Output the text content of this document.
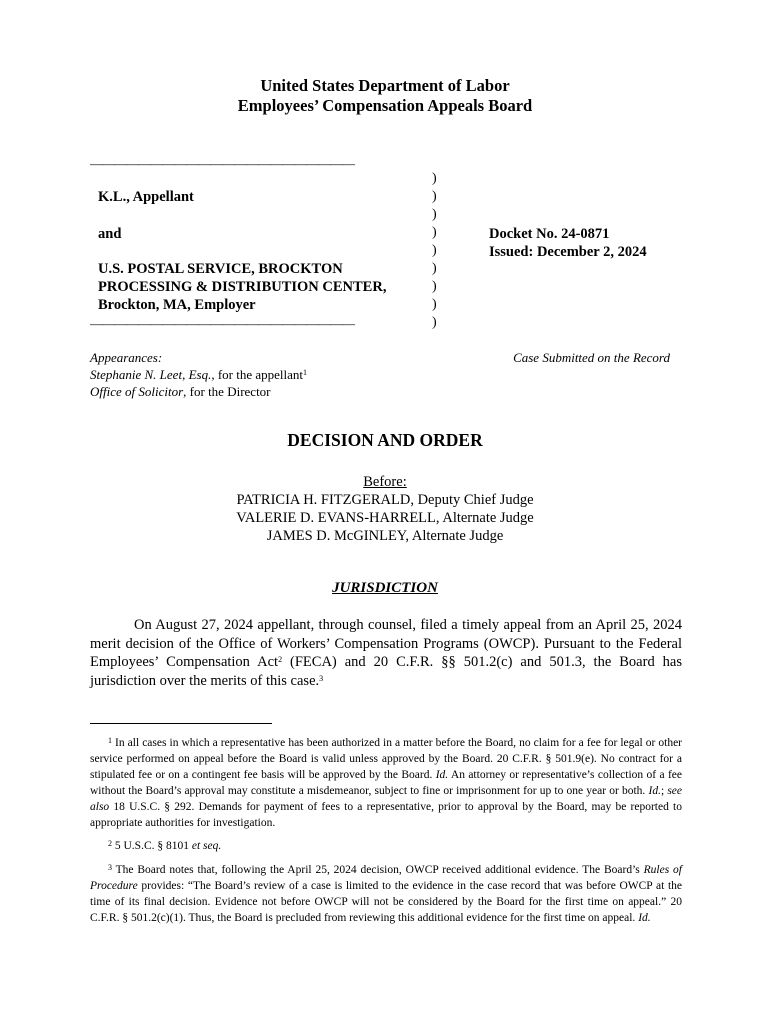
United States Department of Labor
Employees’ Compensation Appeals Board
——————————————————————
K.L., Appellant
and
U.S. POSTAL SERVICE, BROCKTON
PROCESSING & DISTRIBUTION CENTER,
Brockton, MA, Employer
——————————————————————
)
)
)
)
)
)
)
)
)
Docket No. 24-0871
Issued: December 2, 2024
Appearances:
Stephanie N. Leet, Esq., for the appellant$^1$
Office of Solicitor, for the Director
Case Submitted on the Record
DECISION AND ORDER
Before:
PATRICIA H. FITZGERALD, Deputy Chief Judge
VALERIE D. EVANS-HARRELL, Alternate Judge
JAMES D. McGINLEY, Alternate Judge
JURISDICTION
On August 27, 2024 appellant, through counsel, filed a timely appeal from an April 25, 2024 merit decision of the Office of Workers’ Compensation Programs (OWCP). Pursuant to the Federal Employees’ Compensation Act$^2$ (FECA) and 20 C.F.R. §§ 501.2(c) and 501.3, the Board has jurisdiction over the merits of this case.$^3$
$^1$ In all cases in which a representative has been authorized in a matter before the Board, no claim for a fee for legal or other service performed on appeal before the Board is valid unless approved by the Board. 20 C.F.R. § 501.9(e). No contract for a stipulated fee or on a contingent fee basis will be approved by the Board. Id. An attorney or representative’s collection of a fee without the Board’s approval may constitute a misdemeanor, subject to fine or imprisonment for up to one year or both. Id.; see also 18 U.S.C. § 292. Demands for payment of fees to a representative, prior to approval by the Board, may be reported to appropriate authorities for investigation.
$^2$ 5 U.S.C. § 8101 et seq.
$^3$ The Board notes that, following the April 25, 2024 decision, OWCP received additional evidence. The Board’s Rules of Procedure provides: “The Board’s review of a case is limited to the evidence in the case record that was before OWCP at the time of its final decision. Evidence not before OWCP will not be considered by the Board for the first time on appeal.” 20 C.F.R. § 501.2(c)(1). Thus, the Board is precluded from reviewing this additional evidence for the first time on appeal. Id.
